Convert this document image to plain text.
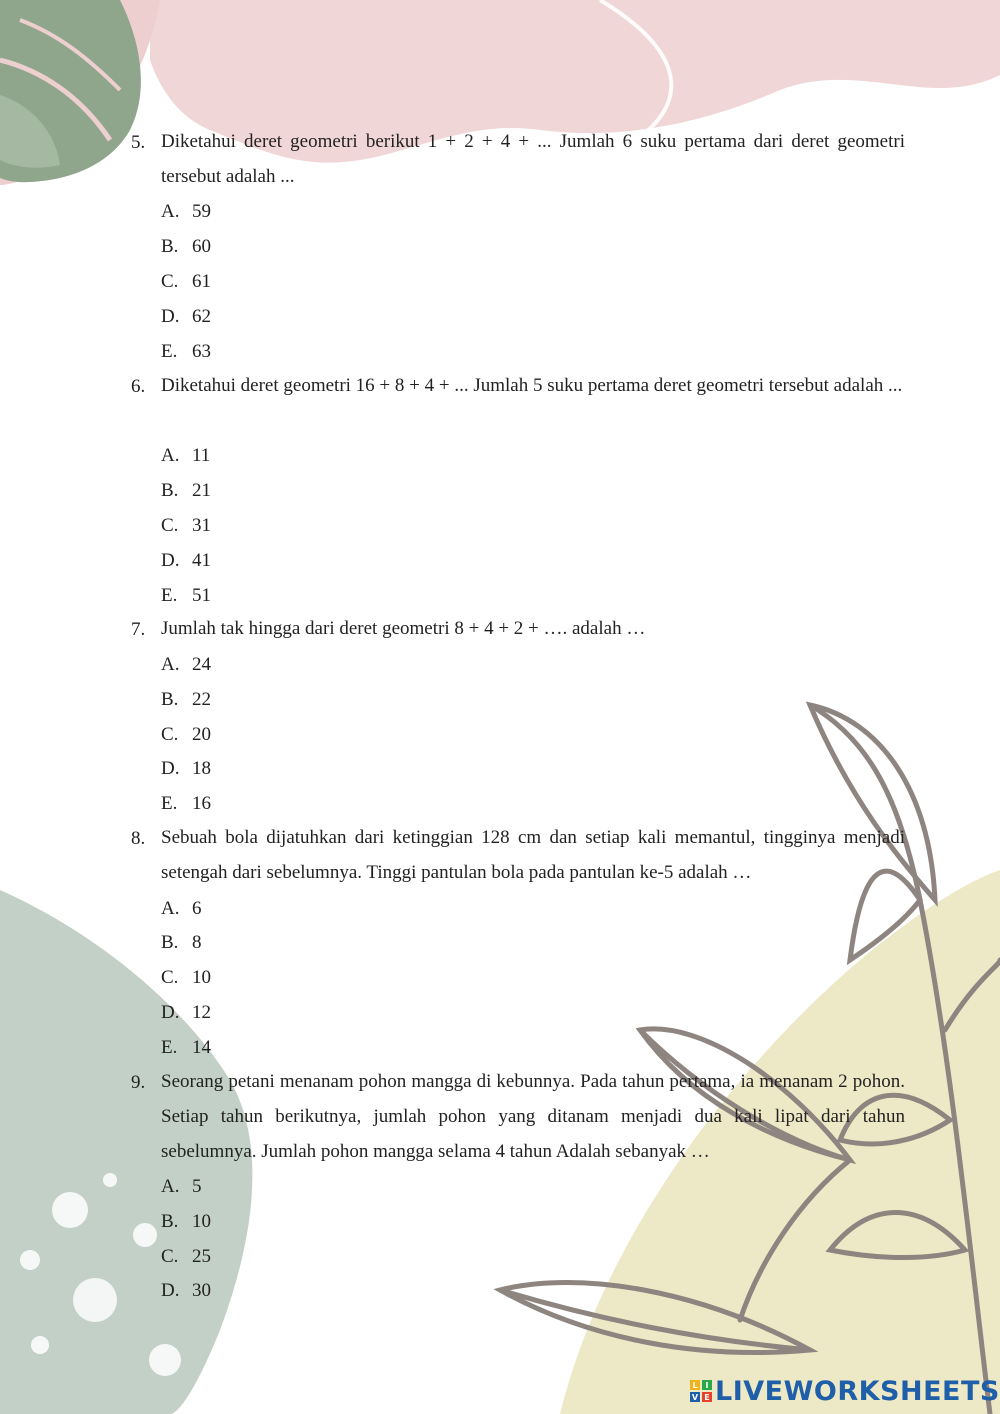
5. Diketahui deret geometri berikut 1 + 2 + 4 + ... Jumlah 6 suku pertama dari deret geometri tersebut adalah ...
A. 59
B. 60
C. 61
D. 62
E. 63
6. Diketahui deret geometri 16 + 8 + 4 + ... Jumlah 5 suku pertama deret geometri tersebut adalah ...
A. 11
B. 21
C. 31
D. 41
E. 51
7. Jumlah tak hingga dari deret geometri 8 + 4 + 2 + …. adalah …
A. 24
B. 22
C. 20
D. 18
E. 16
8. Sebuah bola dijatuhkan dari ketinggian 128 cm dan setiap kali memantul, tingginya menjadi setengah dari sebelumnya. Tinggi pantulan bola pada pantulan ke-5 adalah …
A. 6
B. 8
C. 10
D. 12
E. 14
9. Seorang petani menanam pohon mangga di kebunnya. Pada tahun pertama, ia menanam 2 pohon. Setiap tahun berikutnya, jumlah pohon yang ditanam menjadi dua kali lipat dari tahun sebelumnya. Jumlah pohon mangga selama 4 tahun Adalah sebanyak …
A. 5
B. 10
C. 25
D. 30
L I
V E LIVEWORKSHEETS
